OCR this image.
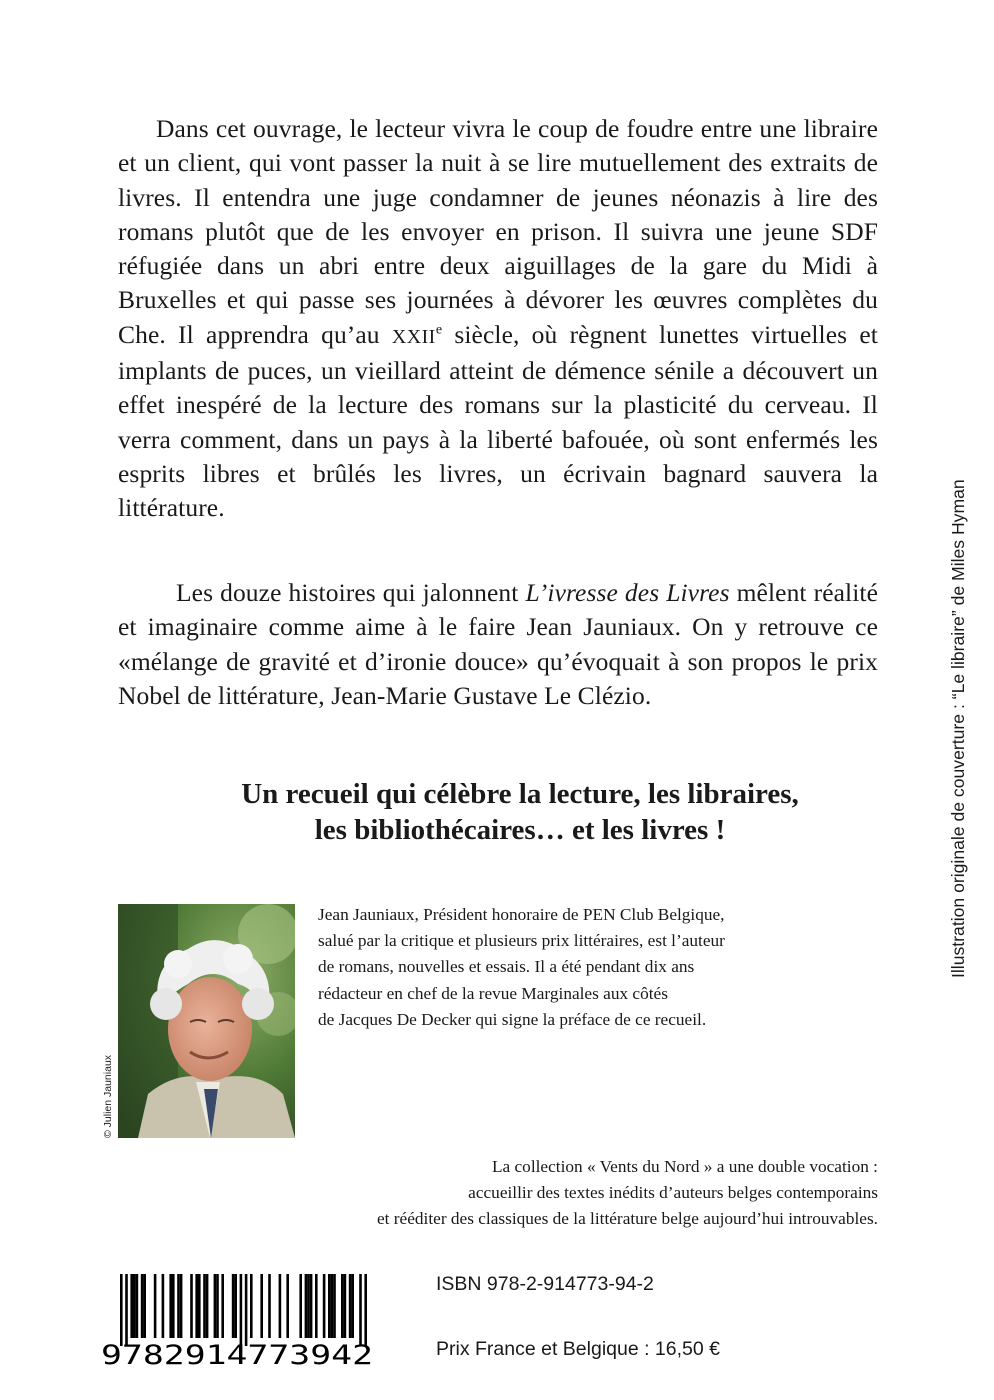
Dans cet ouvrage, le lecteur vivra le coup de foudre entre une libraire et un client, qui vont passer la nuit à se lire mutuellement des extraits de livres. Il entendra une juge condamner de jeunes néonazis à lire des romans plutôt que de les envoyer en prison. Il suivra une jeune SDF réfugiée dans un abri entre deux aiguillages de la gare du Midi à Bruxelles et qui passe ses journées à dévorer les œuvres complètes du Che. Il apprendra qu’au XXIIe siècle, où règnent lunettes virtuelles et implants de puces, un vieillard atteint de démence sénile a découvert un effet inespéré de la lecture des romans sur la plasticité du cerveau. Il verra comment, dans un pays à la liberté bafouée, où sont enfermés les esprits libres et brûlés les livres, un écrivain bagnard sauvera la littérature.

Les douze histoires qui jalonnent L’ivresse des Livres mêlent réalité et imaginaire comme aime à le faire Jean Jauniaux. On y retrouve ce «mélange de gravité et d’ironie douce» qu’évoquait à son propos le prix Nobel de littérature, Jean-Marie Gustave Le Clézio.

Un recueil qui célèbre la lecture, les libraires,
les bibliothécaires… et les livres !
© Julien Jauniaux
Jean Jauniaux, Président honoraire de PEN Club Belgique,
salué par la critique et plusieurs prix littéraires, est l’auteur
de romans, nouvelles et essais. Il a été pendant dix ans
rédacteur en chef de la revue Marginales aux côtés
de Jacques De Decker qui signe la préface de ce recueil.
La collection « Vents du Nord » a une double vocation :
accueillir des textes inédits d’auteurs belges contemporains
et rééditer des classiques de la littérature belge aujourd’hui introuvables.
Illustration originale de couverture : “Le libraire” de Miles Hyman
9782914773942
ISBN 978-2-914773-94-2
Prix France et Belgique : 16,50 €
